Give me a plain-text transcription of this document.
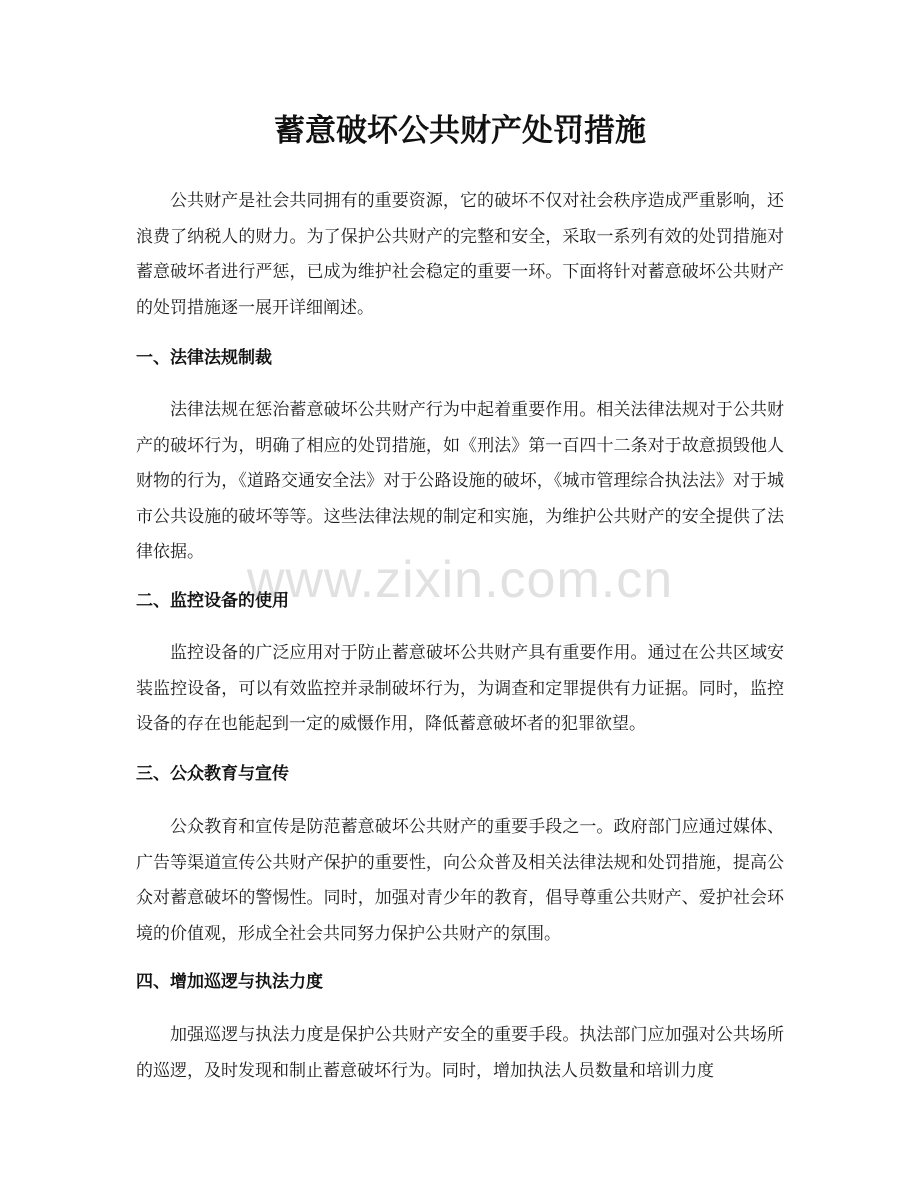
蓄意破坏公共财产处罚措施

公共财产是社会共同拥有的重要资源，它的破坏不仅对社会秩序造成严重影响，还浪费了纳税人的财力。为了保护公共财产的完整和安全，采取一系列有效的处罚措施对蓄意破坏者进行严惩，已成为维护社会稳定的重要一环。下面将针对蓄意破坏公共财产的处罚措施逐一展开详细阐述。

一、法律法规制裁

法律法规在惩治蓄意破坏公共财产行为中起着重要作用。相关法律法规对于公共财产的破坏行为，明确了相应的处罚措施，如《刑法》第一百四十二条对于故意损毁他人财物的行为，《道路交通安全法》对于公路设施的破坏，《城市管理综合执法法》对于城市公共设施的破坏等等。这些法律法规的制定和实施，为维护公共财产的安全提供了法律依据。

二、监控设备的使用

监控设备的广泛应用对于防止蓄意破坏公共财产具有重要作用。通过在公共区域安装监控设备，可以有效监控并录制破坏行为，为调查和定罪提供有力证据。同时，监控设备的存在也能起到一定的威慑作用，降低蓄意破坏者的犯罪欲望。

三、公众教育与宣传

公众教育和宣传是防范蓄意破坏公共财产的重要手段之一。政府部门应通过媒体、广告等渠道宣传公共财产保护的重要性，向公众普及相关法律法规和处罚措施，提高公众对蓄意破坏的警惕性。同时，加强对青少年的教育，倡导尊重公共财产、爱护社会环境的价值观，形成全社会共同努力保护公共财产的氛围。

四、增加巡逻与执法力度

加强巡逻与执法力度是保护公共财产安全的重要手段。执法部门应加强对公共场所的巡逻，及时发现和制止蓄意破坏行为。同时，增加执法人员数量和培训力度

www.zixin.com.cn
